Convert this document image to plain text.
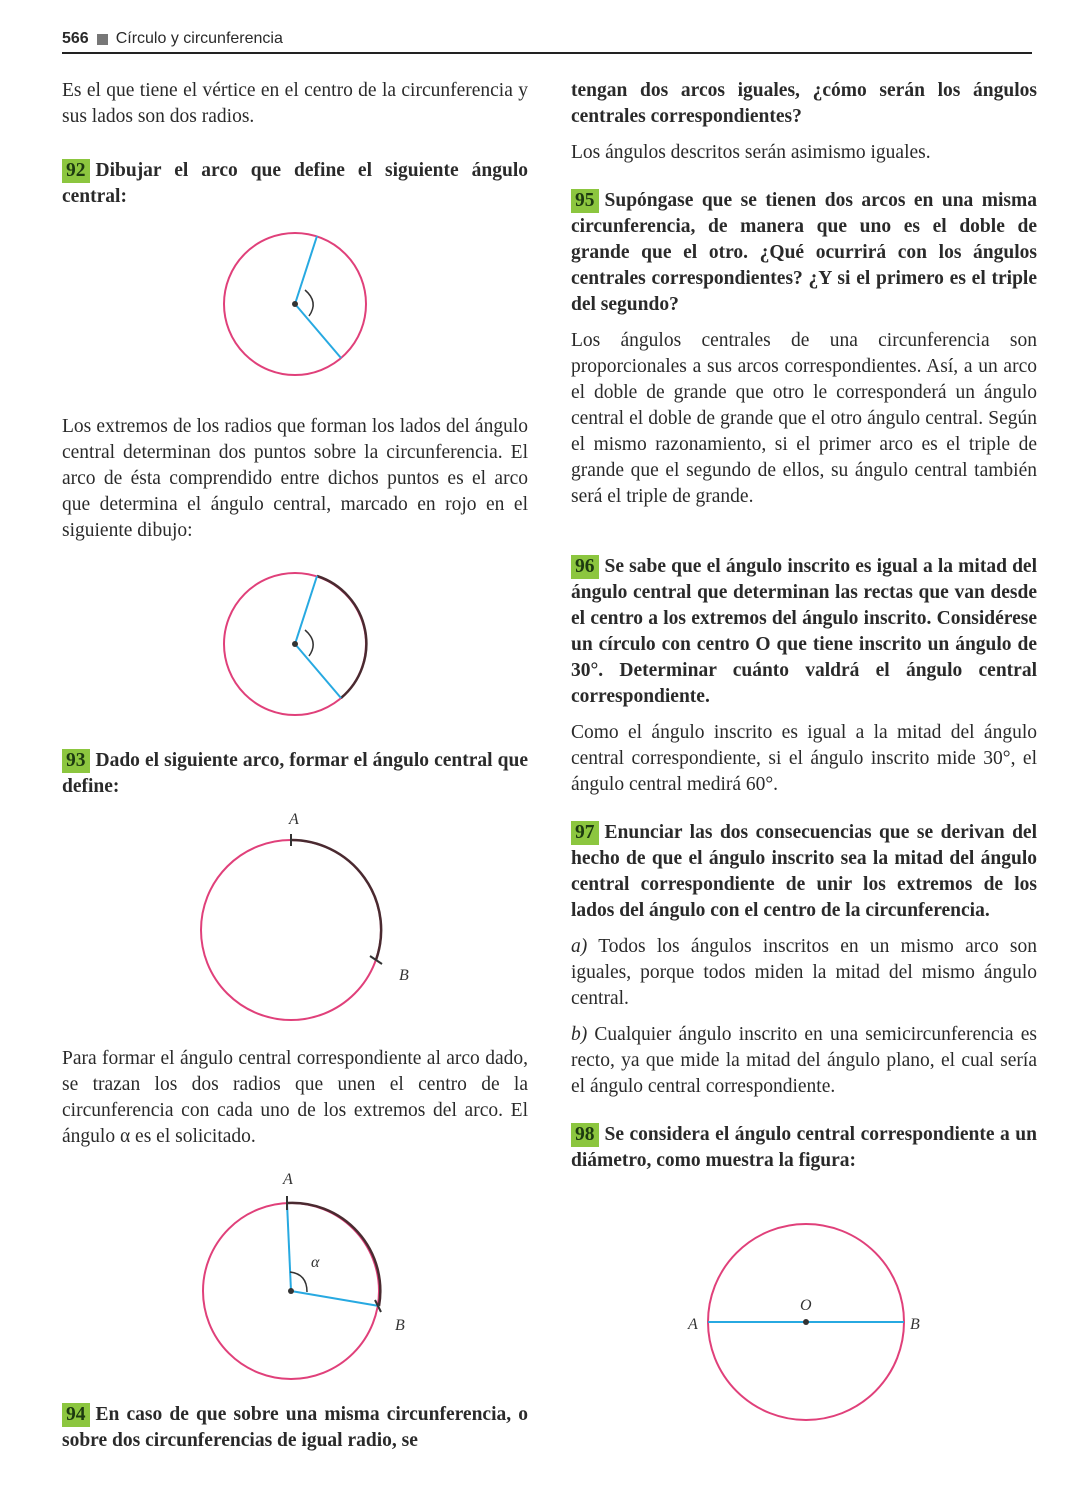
566 Círculo y circunferencia

Es el que tiene el vértice en el centro de la circunferencia y sus lados son dos radios.

92 Dibujar el arco que define el siguiente ángulo central:

Los extremos de los radios que forman los lados del ángulo central determinan dos puntos sobre la circunferencia. El arco de ésta comprendido entre dichos puntos es el arco que determina el ángulo central, marcado en rojo en el siguiente dibujo:

93 Dado el siguiente arco, formar el ángulo central que define:
A
B

Para formar el ángulo central correspondiente al arco dado, se trazan los dos radios que unen el centro de la circunferencia con cada uno de los extremos del arco. El ángulo α es el solicitado.

A
B
α
94 En caso de que sobre una misma circunferencia, o sobre dos circunferencias de igual radio, se
tengan dos arcos iguales, ¿cómo serán los ángulos centrales correspondientes?

Los ángulos descritos serán asimismo iguales.

95 Supóngase que se tienen dos arcos en una misma circunferencia, de manera que uno es el doble de grande que el otro. ¿Qué ocurrirá con los ángulos centrales correspondientes? ¿Y si el primero es el triple del segundo?

Los ángulos centrales de una circunferencia son proporcionales a sus arcos correspondientes. Así, a un arco el doble de grande que otro le corresponderá un ángulo central el doble de grande que el otro ángulo central. Según el mismo razonamiento, si el primer arco es el triple de grande que el segundo de ellos, su ángulo central también será el triple de grande.

96 Se sabe que el ángulo inscrito es igual a la mitad del ángulo central que determinan las rectas que van desde el centro a los extremos del ángulo inscrito. Considérese un círculo con centro O que tiene inscrito un ángulo de 30°. Determinar cuánto valdrá el ángulo central correspondiente.

Como el ángulo inscrito es igual a la mitad del ángulo central correspondiente, si el ángulo inscrito mide 30°, el ángulo central medirá 60°.

97 Enunciar las dos consecuencias que se derivan del hecho de que el ángulo inscrito sea la mitad del ángulo central correspondiente de unir los extremos de los lados del ángulo con el centro de la circunferencia.

a) Todos los ángulos inscritos en un mismo arco son iguales, porque todos miden la mitad del mismo ángulo central.

b) Cualquier ángulo inscrito en una semicircunferencia es recto, ya que mide la mitad del ángulo plano, el cual sería el ángulo central correspondiente.

98 Se considera el ángulo central correspondiente a un diámetro, como muestra la figura:
A
O
B
